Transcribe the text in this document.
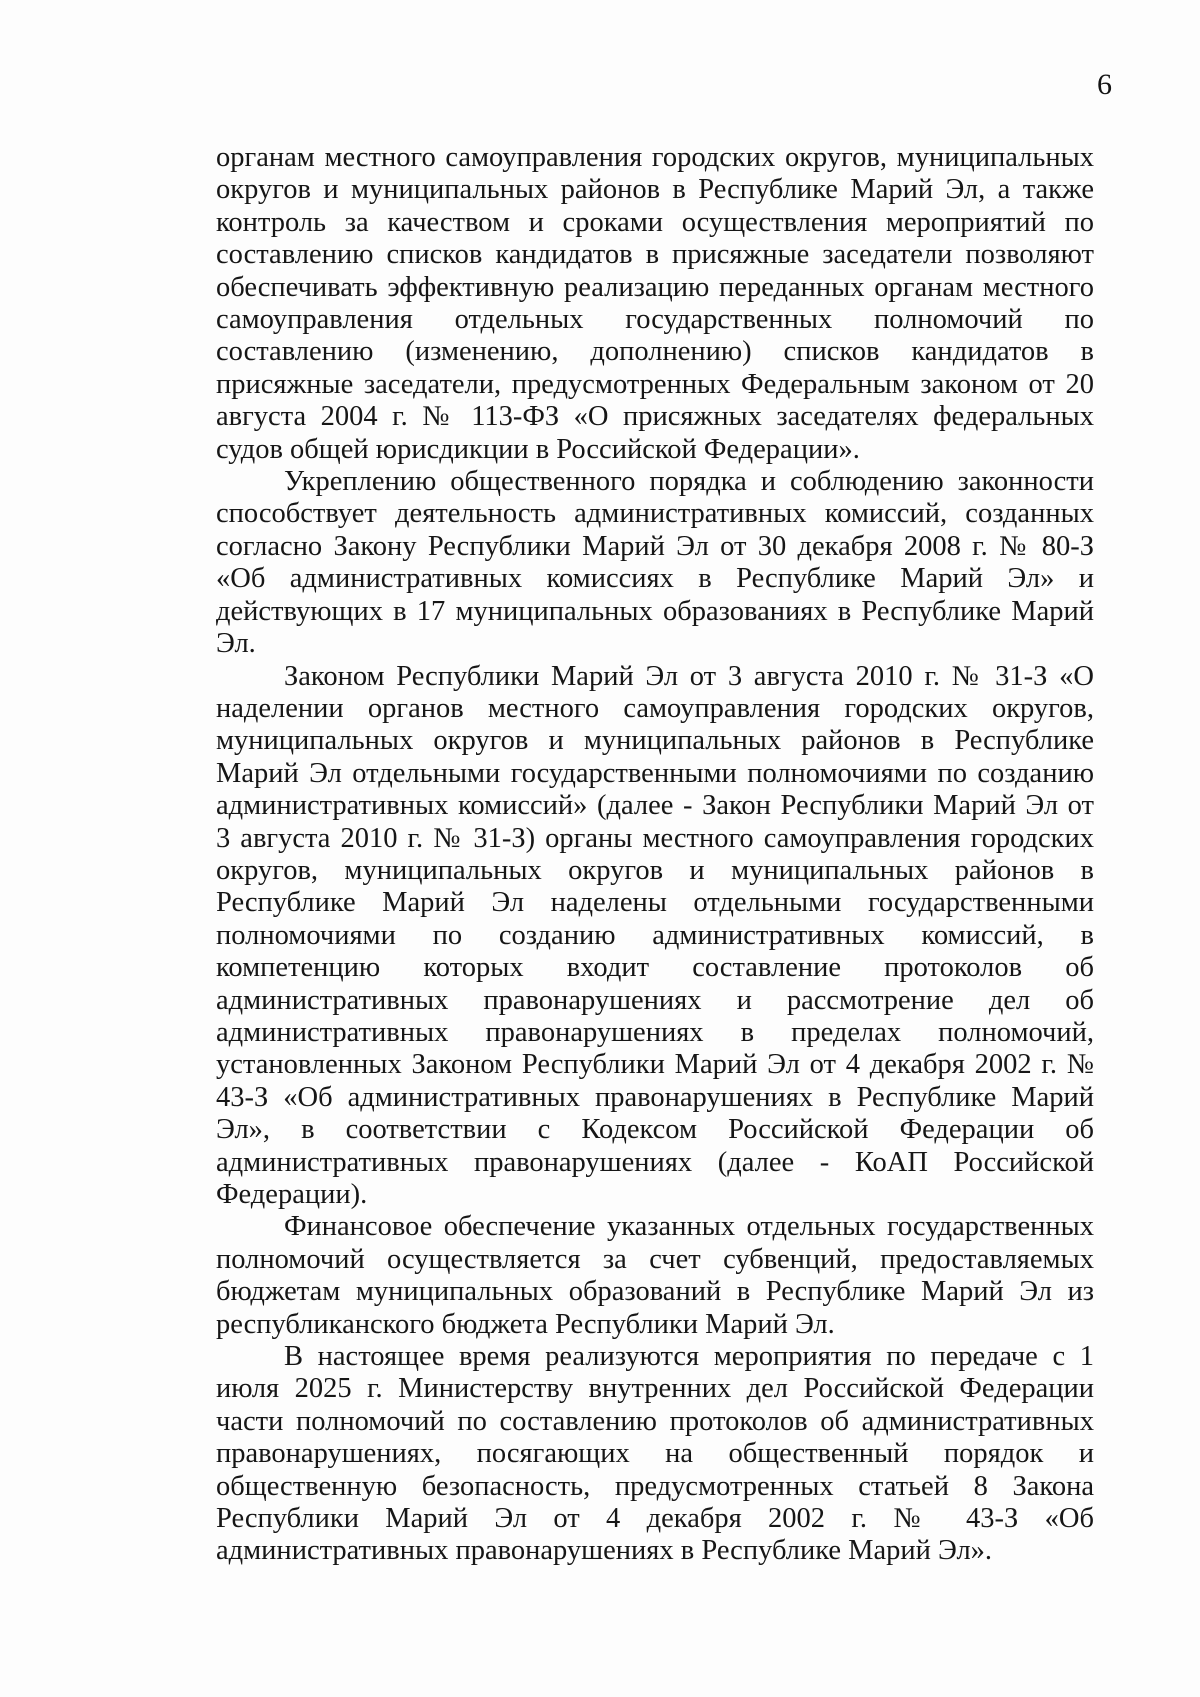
6

органам местного самоуправления городских округов, муниципальных округов и муниципальных районов в Республике Марий Эл, а также контроль за качеством и сроками осуществления мероприятий по составлению списков кандидатов в присяжные заседатели позволяют обеспечивать эффективную реализацию переданных органам местного самоуправления отдельных государственных полномочий по составлению (изменению, дополнению) списков кандидатов в присяжные заседатели, предусмотренных Федеральным законом от 20 августа 2004 г. № 113-ФЗ «О присяжных заседателях федеральных судов общей юрисдикции в Российской Федерации».

Укреплению общественного порядка и соблюдению законности способствует деятельность административных комиссий, созданных согласно Закону Республики Марий Эл от 30 декабря 2008 г. № 80-З «Об административных комиссиях в Республике Марий Эл» и действующих в 17 муниципальных образованиях в Республике Марий Эл.

Законом Республики Марий Эл от 3 августа 2010 г. № 31-З «О наделении органов местного самоуправления городских округов, муниципальных округов и муниципальных районов в Республике Марий Эл отдельными государственными полномочиями по созданию административных комиссий» (далее - Закон Республики Марий Эл от 3 августа 2010 г. № 31-З) органы местного самоуправления городских округов, муниципальных округов и муниципальных районов в Республике Марий Эл наделены отдельными государственными полномочиями по созданию административных комиссий, в компетенцию которых входит составление протоколов об административных правонарушениях и рассмотрение дел об административных правонарушениях в пределах полномочий, установленных Законом Республики Марий Эл от 4 декабря 2002 г. № 43-З «Об административных правонарушениях в Республике Марий Эл», в соответствии с Кодексом Российской Федерации об административных правонарушениях (далее - КоАП Российской Федерации).

Финансовое обеспечение указанных отдельных государственных полномочий осуществляется за счет субвенций, предоставляемых бюджетам муниципальных образований в Республике Марий Эл из республиканского бюджета Республики Марий Эл.

В настоящее время реализуются мероприятия по передаче с 1 июля 2025 г. Министерству внутренних дел Российской Федерации части полномочий по составлению протоколов об административных правонарушениях, посягающих на общественный порядок и общественную безопасность, предусмотренных статьей 8 Закона Республики Марий Эл от 4 декабря 2002 г. № 43-З «Об административных правонарушениях в Республике Марий Эл».
